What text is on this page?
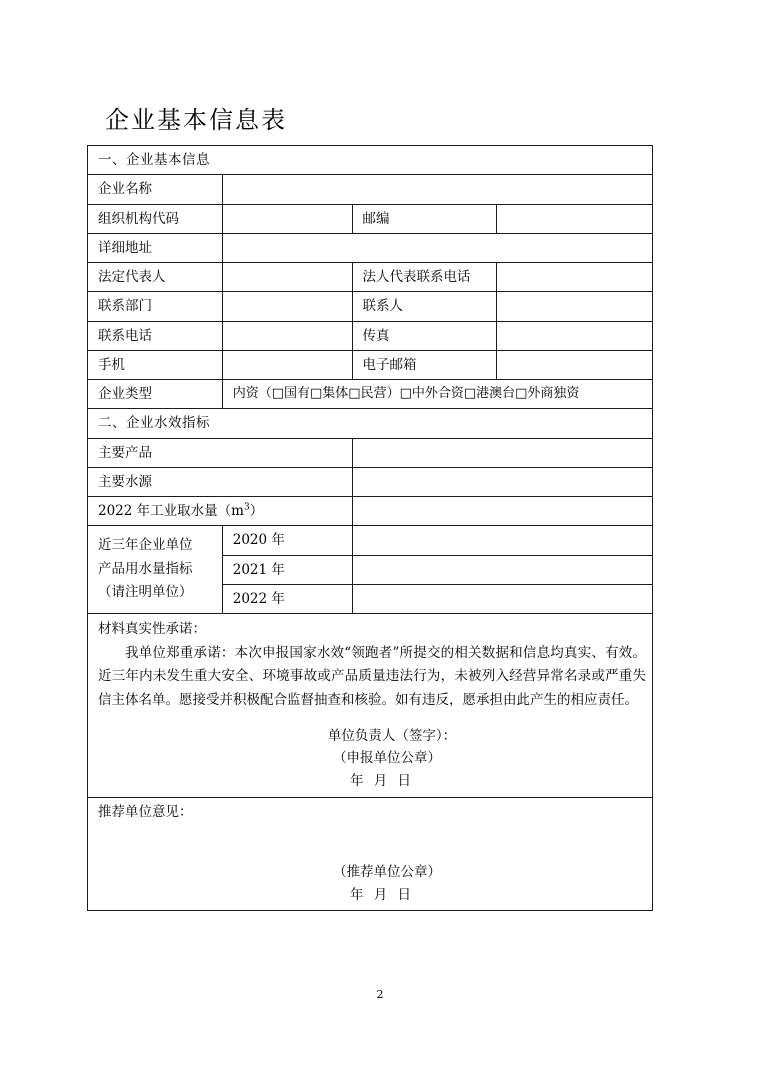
企业基本信息表
一、企业基本信息			
企业名称			
组织机构代码		邮编	
详细地址			
法定代表人		法人代表联系电话	
联系部门		联系人	
联系电话		传真	
手机		电子邮箱	
企业类型	内资（□国有□集体□民营）□中外合资□港澳台□外商独资		
二、企业水效指标			
主要产品			
主要水源			
2022 年工业取水量$(m^3)$			

近三年企业单位
产品用水量指标
（请注明单位）	2020 年		
	2021 年		
	2022 年		

材料真实性承诺：
我单位郑重承诺：本次申报国家水效“领跑者”所提交的相关数据和信息均真实、有效。近三年内未发生重大安全、环境事故或产品质量违法行为，未被列入经营异常名录或严重失信主体名单。愿接受并积极配合监督抽查和核验。如有违反，愿承担由此产生的相应责任。
单位负责人（签字）：
（申报单位公章）
年 月 日			

推荐单位意见：
（推荐单位公章）
年 月 日			
2
